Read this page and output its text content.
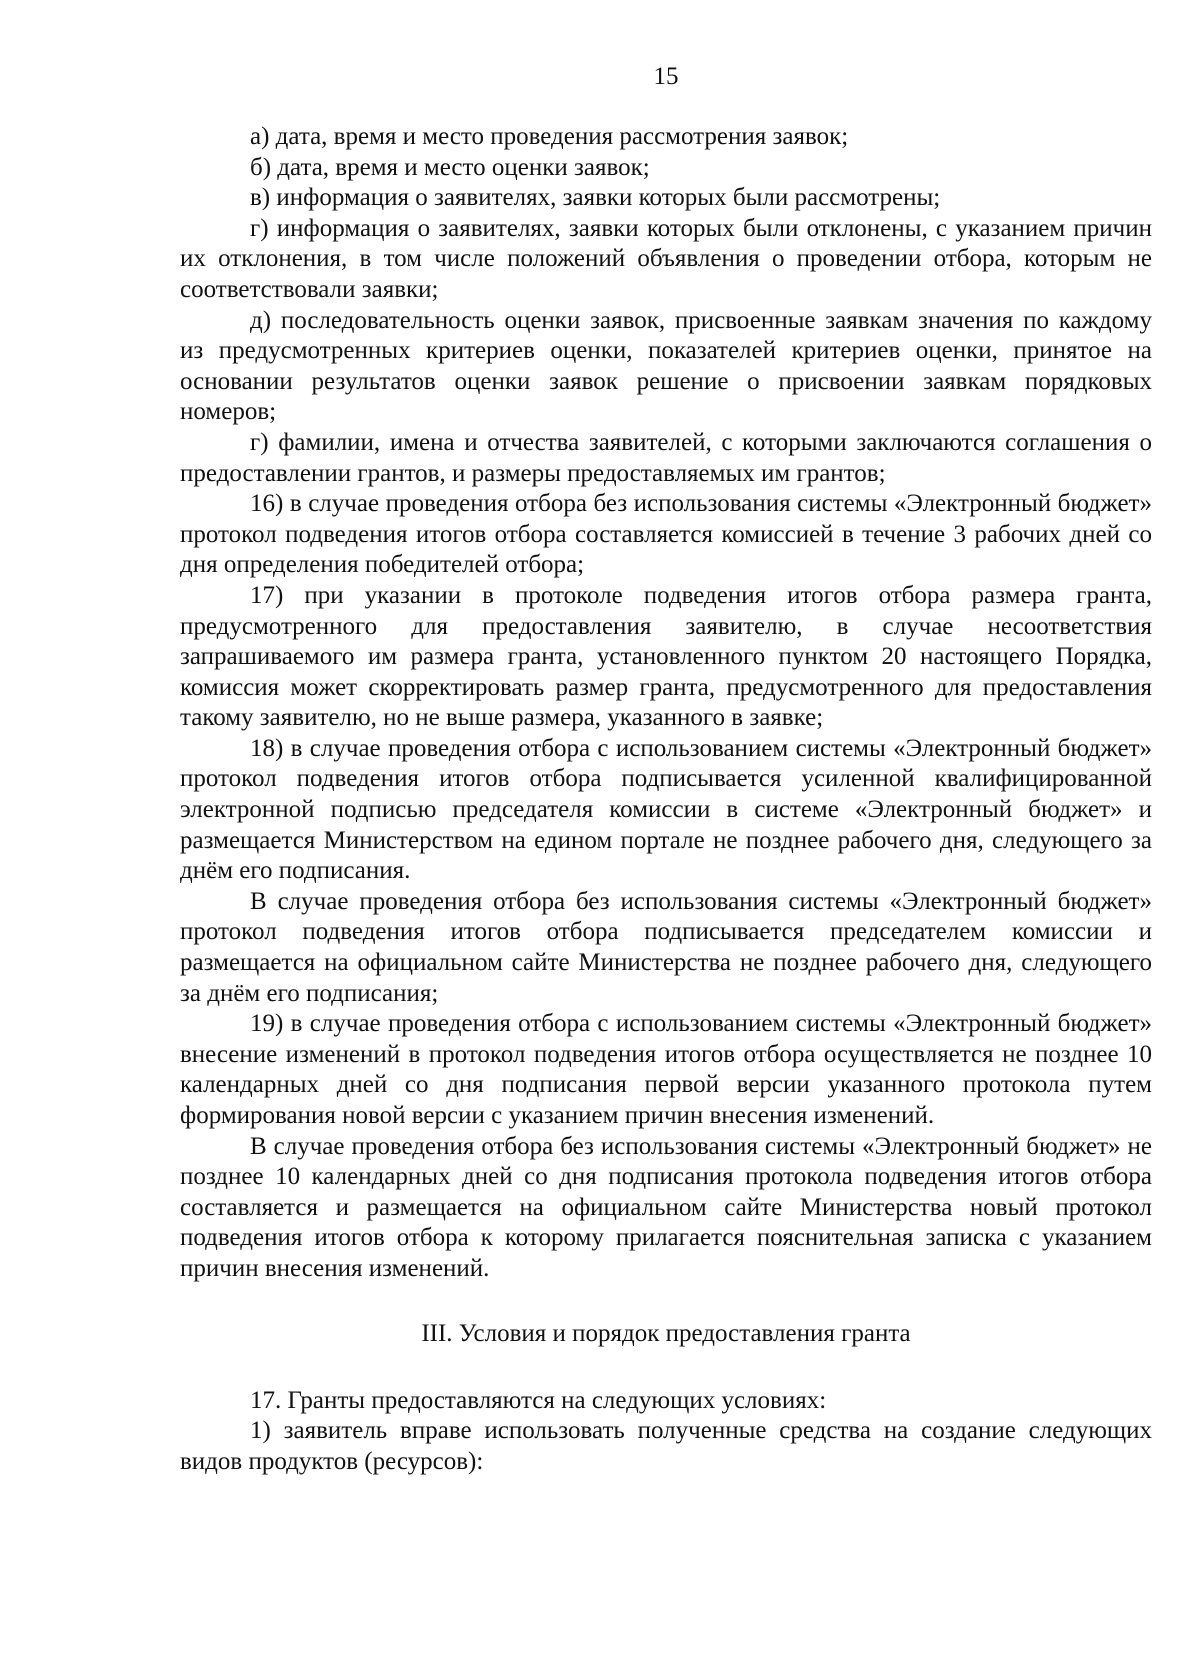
15

а) дата, время и место проведения рассмотрения заявок;

б) дата, время и место оценки заявок;

в) информация о заявителях, заявки которых были рассмотрены;

г) информация о заявителях, заявки которых были отклонены, с указанием причин их отклонения, в том числе положений объявления о проведении отбора, которым не соответствовали заявки;

д) последовательность оценки заявок, присвоенные заявкам значения по каждому из предусмотренных критериев оценки, показателей критериев оценки, принятое на основании результатов оценки заявок решение о присвоении заявкам порядковых номеров;

г) фамилии, имена и отчества заявителей, с которыми заключаются соглашения о предоставлении грантов, и размеры предоставляемых им грантов;

16) в случае проведения отбора без использования системы «Электронный бюджет» протокол подведения итогов отбора составляется комиссией в течение 3 рабочих дней со дня определения победителей отбора;

17) при указании в протоколе подведения итогов отбора размера гранта, предусмотренного для предоставления заявителю, в случае несоответствия запрашиваемого им размера гранта, установленного пунктом 20 настоящего Порядка, комиссия может скорректировать размер гранта, предусмотренного для предоставления такому заявителю, но не выше размера, указанного в заявке;

18) в случае проведения отбора с использованием системы «Электронный бюджет» протокол подведения итогов отбора подписывается усиленной квалифицированной электронной подписью председателя комиссии в системе «Электронный бюджет» и размещается Министерством на едином портале не позднее рабочего дня, следующего за днём его подписания.

В случае проведения отбора без использования системы «Электронный бюджет» протокол подведения итогов отбора подписывается председателем комиссии и размещается на официальном сайте Министерства не позднее рабочего дня, следующего за днём его подписания;

19) в случае проведения отбора с использованием системы «Электронный бюджет» внесение изменений в протокол подведения итогов отбора осуществляется не позднее 10 календарных дней со дня подписания первой версии указанного протокола путем формирования новой версии с указанием причин внесения изменений.

В случае проведения отбора без использования системы «Электронный бюджет» не позднее 10 календарных дней со дня подписания протокола подведения итогов отбора составляется и размещается на официальном сайте Министерства новый протокол подведения итогов отбора к которому прилагается пояснительная записка с указанием причин внесения изменений.

III. Условия и порядок предоставления гранта

17. Гранты предоставляются на следующих условиях:

1) заявитель вправе использовать полученные средства на создание следующих видов продуктов (ресурсов):
